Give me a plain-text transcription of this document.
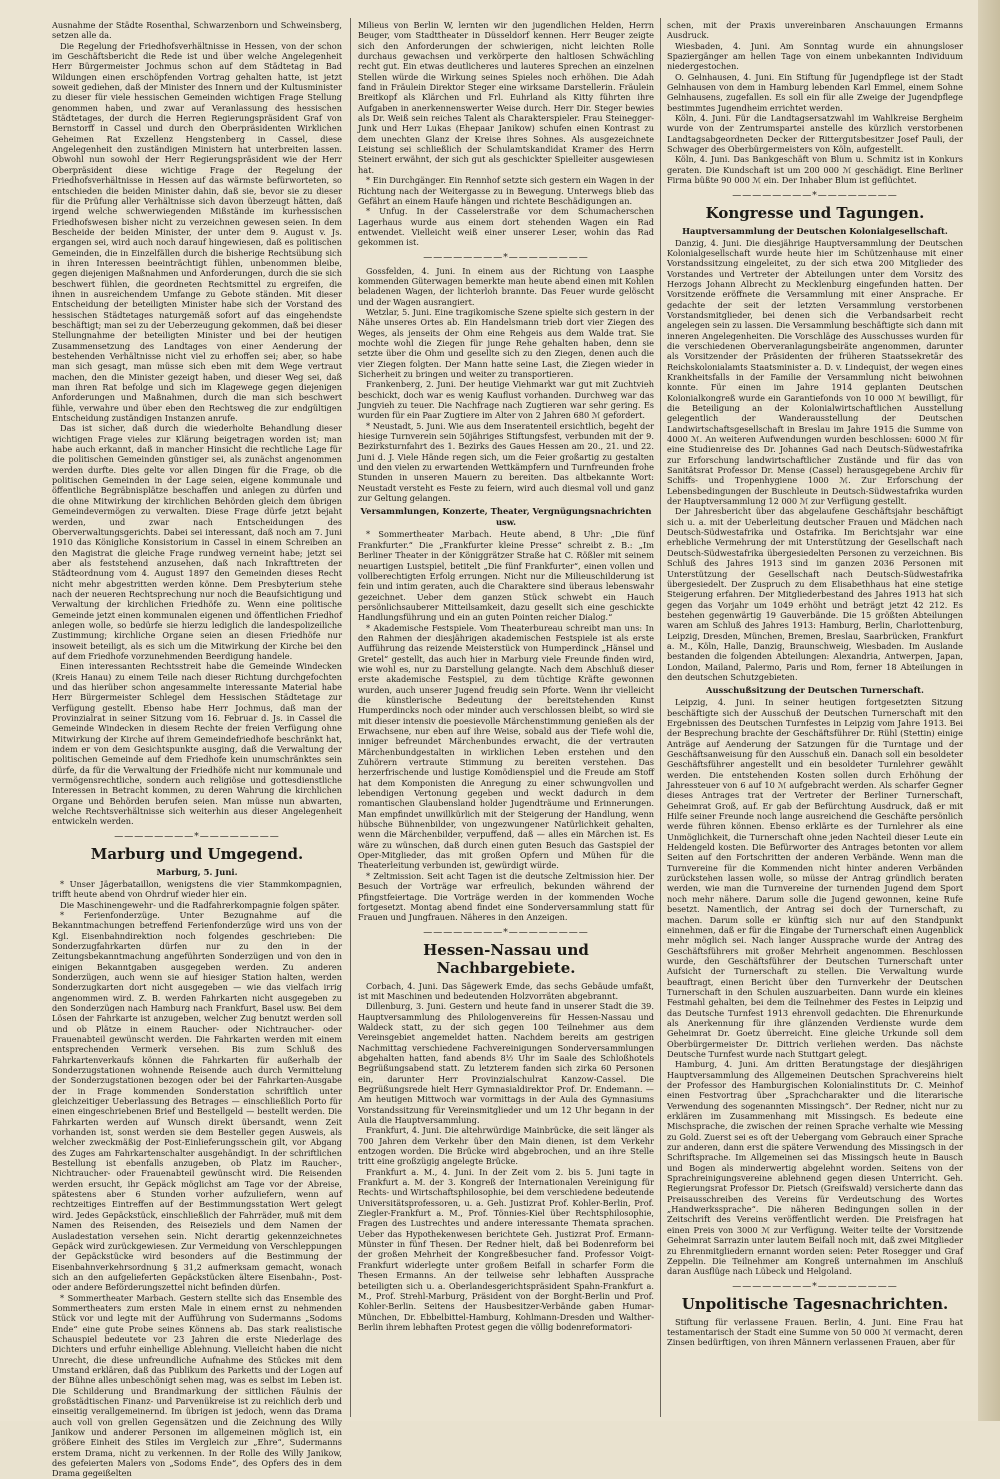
Ausnahme der Städte Rosenthal, Schwarzenborn und Schweinsberg, setzen alle da.

Die Regelung der Friedhofsverhältnisse in Hessen, von der schon im Geschäftsbericht die Rede ist und über welche Angelegenheit Herr Bürgermeister Jochmus schon auf dem Städtetag in Bad Wildungen einen erschöpfenden Vortrag gehalten hatte, ist jetzt soweit gediehen, daß der Minister des Innern und der Kultusminister zu dieser für viele hessischen Gemeinden wichtigen Frage Stellung genommen haben, und zwar auf Veranlassung des hessischen Städtetages, der durch die Herren Regierungspräsident Graf von Bernstorff in Cassel und durch den Oberpräsidenten Wirklichen Geheimen Rat Exzellenz Hengstenberg in Cassel, diese Angelegenheit den zuständigen Ministern hat unterbreiten lassen. Obwohl nun sowohl der Herr Regierungspräsident wie der Herr Oberpräsident diese wichtige Frage der Regelung der Friedhofsverhältnisse in Hessen auf das wärmste befürworteten, so entschieden die beiden Minister dahin, daß sie, bevor sie zu dieser für die Prüfung aller Verhältnisse sich davon überzeugt hätten, daß irgend welche schwerwiegenden Mißstände im kurhessischen Friedhofswesen bisher nicht zu verzeichnen gewesen seien. In dem Bescheide der beiden Minister, der unter dem 9. August v. Js. ergangen sei, wird auch noch darauf hingewiesen, daß es politischen Gemeinden, die in Einzelfällen durch die bisherige Rechtsübung sich in ihren Interessen beeinträchtigt fühlen, unbenommen bleibe, gegen diejenigen Maßnahmen und Anforderungen, durch die sie sich beschwert fühlen, die geordneten Rechtsmittel zu ergreifen, die ihnen in ausreichendem Umfange zu Gebote ständen. Mit dieser Entscheidung der beteiligten Minister habe sich der Vorstand des hessischen Städtetages naturgemäß sofort auf das eingehendste beschäftigt; man sei zu der Ueberzeugung gekommen, daß bei dieser Stellungnahme der beteiligten Minister und bei der heutigen Zusammensetzung des Landtages von einer Aenderung der bestehenden Verhältnisse nicht viel zu erhoffen sei; aber, so habe man sich gesagt, man müsse sich eben mit dem Wege vertraut machen, den die Minister gezeigt haben, und dieser Weg sei, daß man ihren Rat befolge und sich im Klagewege gegen diejenigen Anforderungen und Maßnahmen, durch die man sich beschwert fühle, verwahre und über eben den Rechtsweg die zur endgültigen Entscheidung zuständigen Instanzen anrufe.

Das ist sicher, daß durch die wiederholte Behandlung dieser wichtigen Frage vieles zur Klärung beigetragen worden ist; man habe auch erkannt, daß in mancher Hinsicht die rechtliche Lage für die politischen Gemeinden günstiger sei, als zunächst angenommen werden durfte. Dies gelte vor allen Dingen für die Frage, ob die politischen Gemeinden in der Lage seien, eigene kommunale und öffentliche Begräbnisplätze beschaffen und anlegen zu dürfen und die ohne Mitwirkung der kirchlichen Behörden gleich dem übrigen Gemeindevermögen zu verwalten. Diese Frage dürfe jetzt bejaht werden, und zwar nach Entscheidungen des Oberverwaltungsgerichts. Dabei sei interessant, daß noch am 7. Juni 1910 das Königliche Konsistorium in Cassel in einem Schreiben an den Magistrat die gleiche Frage rundweg verneint habe; jetzt sei aber als feststehend anzusehen, daß nach Inkrafttreten der Städteordnung vom 4. August 1897 den Gemeinden dieses Recht nicht mehr abgestritten werden könne. Dem Presbyterium stehe nach der neueren Rechtsprechung nur noch die Beaufsichtigung und Verwaltung der kirchlichen Friedhöfe zu. Wenn eine politische Gemeinde jetzt einen kommunalen eigenen und öffentlichen Friedhof anlegen wolle, so bedürfe sie hierzu lediglich die landespolizeiliche Zustimmung; kirchliche Organe seien an diesen Friedhöfe nur insoweit beteiligt, als es sich um die Mitwirkung der Kirche bei den auf dem Friedhofe vorzunehmenden Beerdigung handele.

Einen interessanten Rechtsstreit habe die Gemeinde Windecken (Kreis Hanau) zu einem Teile nach dieser Richtung durchgefochten und das hierüber schon angesammelte interessante Material habe Herr Bürgermeister Schlegel dem Hessischen Städtetage zur Verfügung gestellt. Ebenso habe Herr Jochmus, daß man der Provinzialrat in seiner Sitzung vom 16. Februar d. Js. in Cassel die Gemeinde Windecken in diesem Rechte der freien Verfügung ohne Mitwirkung der Kirche auf ihrem Gemeindefriedhofe beschränkt hat, indem er von dem Gesichtspunkte ausging, daß die Verwaltung der politischen Gemeinde auf dem Friedhofe kein unumschränktes sein dürfe, da für die Verwaltung der Friedhöfe nicht nur kommunale und vermögensrechtliche, sondern auch religiöse und gottesdienstliche Interessen in Betracht kommen, zu deren Wahrung die kirchlichen Organe und Behörden berufen seien. Man müsse nun abwarten, welche Rechtsverhältnisse sich weiterhin aus dieser Angelegenheit entwickeln werden.

————————*————————
Marburg und Umgegend.
Marburg, 5. Juni.

* Unser Jägerbataillon, wenigstens die vier Stammkompagnien, trifft heute abend von Ohrdruf wieder hier ein.

Die Maschinengewehr- und die Radfahrerkompagnie folgen später.

* Ferienfonderzüge. Unter Bezugnahme auf die Bekanntmachungen betreffend Ferienfonderzüge wird uns von der Kgl. Eisenbahndirektion noch folgendes geschrieben: Die Sonderzugfahrkarten dürfen nur zu den in der Zeitungsbekanntmachung angeführten Sonderzügen und von den in einigen Bekanntgaben ausgegeben werden. Zu anderen Sonderzügen, auch wenn sie auf hiesiger Station halten, werden Sonderzugkarten dort nicht ausgegeben — wie das vielfach irrig angenommen wird. Z. B. werden Fahrkarten nicht ausgegeben zu den Sonderzügen nach Hamburg nach Frankfurt, Basel usw. Bei dem Lösen der Fahrkarte ist anzugeben, welcher Zug benutzt werden soll und ob Plätze in einem Raucher- oder Nichtraucher- oder Frauenabteil gewünscht werden. Die Fahrkarten werden mit einem entsprechenden Vermerk versehen. Bis zum Schluß des Fahrkartenverkaufs können die Fahrkarten für außerhalb der Sonderzugstationen wohnende Reisende auch durch Vermittelung der Sonderzugstationen bezogen oder bei der Fahrkarten-Ausgabe der in Frage kommenden Sonderstation schriftlich unter gleichzeitiger Ueberlassung des Betrages — einschließlich Porto für einen eingeschriebenen Brief und Bestellgeld — bestellt werden. Die Fahrkarten werden auf Wunsch direkt übersandt, wenn Zeit vorhanden ist, sonst werden sie dem Besteller gegen Ausweis, als welcher zweckmäßig der Post-Einlieferungsschein gilt, vor Abgang des Zuges am Fahrkartenschalter ausgehändigt. In der schriftlichen Bestellung ist ebenfalls anzugeben, ob Platz im Raucher-, Nichtraucher- oder Frauenabteil gewünscht wird. Die Reisenden werden ersucht, ihr Gepäck möglichst am Tage vor der Abreise, spätestens aber 6 Stunden vorher aufzuliefern, wenn auf rechtzeitiges Eintreffen auf der Bestimmungsstation Wert gelegt wird. Jedes Gepäckstück, einschließlich der Fahrräder, muß mit dem Namen des Reisenden, des Reiseziels und dem Namen der Ausladestation versehen sein. Nicht derartig gekennzeichnetes Gepäck wird zurückgewiesen. Zur Vermeidung von Verschleppungen der Gepäckstücke wird besonders auf die Bestimmung der Eisenbahnverkehrsordnung § 31,2 aufmerksam gemacht, wonach sich an den aufgelieferten Gepäckstücken ältere Eisenbahn-, Post- oder andere Beförderungszettel nicht befinden dürfen.

* Sommertheater Marbach. Gestern stellte sich das Ensemble des Sommertheaters zum ersten Male in einem ernst zu nehmenden Stück vor und legte mit der Aufführung von Sudermanns „Sodoms Ende“ eine gute Probe seines Könnens ab. Das stark realistische Schauspiel bedeutete vor 23 Jahren die erste Niederlage des Dichters und erfuhr einhellige Ablehnung. Vielleicht haben die nicht Unrecht, die diese unfreundliche Aufnahme des Stückes mit dem Umstand erklären, daß das Publikum des Parketts und der Logen auf der Bühne alles unbeschönigt sehen mag, was es selbst im Leben ist. Die Schilderung und Brandmarkung der sittlichen Fäulnis der großstädtischen Finanz- und Parvenükreise ist zu reichlich derb und einseitig verallgemeinernd. Im übrigen ist jedoch, wenn das Drama auch voll von grellen Gegensätzen und die Zeichnung des Willy Janikow und anderer Personen im allgemeinen möglich ist, ein größere Einheit des Stiles im Vergleich zur „Ehre“, Sudermanns erstem Drama, nicht zu verkennen. In der Rolle des Willy Janikow, des gefeierten Malers von „Sodoms Ende“, des Opfers des in dem Drama gegeißelten

Milieus von Berlin W, lernten wir den jugendlichen Helden, Herrn Beuger, vom Stadttheater in Düsseldorf kennen. Herr Beuger zeigte sich den Anforderungen der schwierigen, nicht leichten Rolle durchaus gewachsen und verkörperte den haltlosen Schwächling recht gut. Ein etwas deutlicheres und lauteres Sprechen an einzelnen Stellen würde die Wirkung seines Spieles noch erhöhen. Die Adah fand in Fräulein Direktor Steger eine wirksame Darstellerin. Fräulein Breitkopf als Klärchen und Frl. Euhrland als Kitty führten ihre Aufgaben in anerkennenswerter Weise durch. Herr Dir. Steger bewies als Dr. Weiß sein reiches Talent als Charakterspieler. Frau Steinegger-Junk und Herr Lukas (Ehepaar Janikow) schufen einen Kontrast zu dem unechten Glanz der Kreise ihres Sohnes. Als ausgezeichnete Leistung sei schließlich der Schulamtskandidat Kramer des Herrn Steinert erwähnt, der sich gut als geschickter Spielleiter ausgewiesen hat.

* Ein Durchgänger. Ein Rennhof setzte sich gestern ein Wagen in der Richtung nach der Weitergasse zu in Bewegung. Unterwegs blieb das Gefährt an einem Haufe hängen und richtete Beschädigungen an.

* Unfug. In der Casselerstraße vor dem Schumacherschen Lagerhaus wurde aus einem dort stehenden Wagen ein Rad entwendet. Vielleicht weiß einer unserer Leser, wohin das Rad gekommen ist.

————————*————————

Gossfelden, 4. Juni. In einem aus der Richtung von Laasphe kommenden Güterwagen bemerkte man heute abend einen mit Kohlen beladenen Wagen, der lichterloh brannte. Das Feuer wurde gelöscht und der Wagen ausrangiert.

Wetzlar, 5. Juni. Eine tragikomische Szene spielte sich gestern in der Nähe unseres Ortes ab. Ein Handelsmann trieb dort vier Ziegen des Weges, als jenseits der Ohm eine Rehgeis aus dem Walde trat. Sie mochte wohl die Ziegen für junge Rehe gehalten haben, denn sie setzte über die Ohm und gesellte sich zu den Ziegen, denen auch die vier Ziegen folgten. Der Mann hatte seine Last, die Ziegen wieder in Sicherheit zu bringen und weiter zu transportieren.

Frankenberg, 2. Juni. Der heutige Viehmarkt war gut mit Zuchtvieh beschickt, doch war es wenig Kauflust vorhanden. Durchweg war das Jungvieh zu teuer. Die Nachfrage nach Zugtieren war sehr gering. Es wurden für ein Paar Zugtiere im Alter von 2 Jahren 680 ℳ gefordert.

* Neustadt, 5. Juni. Wie aus dem Inseratenteil ersichtlich, begeht der hiesige Turnverein sein 50jähriges Stiftungsfest, verbunden mit der 9. Bezirksturnfahrt des 1. Bezirks des Gaues Hessen am 20., 21. und 22. Juni d. J. Viele Hände regen sich, um die Feier großartig zu gestalten und den vielen zu erwartenden Wettkämpfern und Turnfreunden frohe Stunden in unseren Mauern zu bereiten. Das altbekannte Wort: Neustadt versteht es Feste zu feiern, wird auch diesmal voll und ganz zur Geltung gelangen.

Versammlungen, Konzerte, Theater, Vergnügungsnachrichten usw.

* Sommertheater Marbach. Heute abend, 8 Uhr: „Die fünf Frankfurter.“ Die „Frankfurter kleine Presse“ schreibt z. B.: „Im Berliner Theater in der Königgrätzer Straße hat C. Rößler mit seinem neuartigen Lustspiel, betitelt „Die fünf Frankfurter“, einen vollen und vollberechtigten Erfolg errungen. Nicht nur die Milieuschilderung ist fein und intim geraten, auch die Charaktere sind überaus lebenswahr gezeichnet. Ueber dem ganzen Stück schwebt ein Hauch persönlichsauberer Mitteilsamkeit, dazu gesellt sich eine geschickte Handlungsführung und ein an guten Pointen reicher Dialog.“

* Akademische Festspiele. Vom Theaterbureau schreibt man uns: In den Rahmen der diesjährigen akademischen Festspiele ist als erste Aufführung das reizende Meisterstück von Humperdinck „Hänsel und Gretel“ gestellt, das auch hier in Marburg viele Freunde finden wird, wie wohl es, nur zu Darstellung gelangte. Nach dem Abschluß dieser erste akademische Festspiel, zu dem tüchtige Kräfte gewonnen wurden, auch unserer Jugend freudig sein Pforte. Wenn ihr vielleicht die künstlerische Bedeutung der bereitstehenden Kunst Humperdincks noch oder minder auch verschlossen bleibt, so wird sie mit dieser intensiv die poesievolle Märchenstimmung genießen als der Erwachsene, nur eben auf ihre Weise, sobald aus der Tiefe wohl die, inniger befreundet Märchenbundes erwacht, die der vertrauten Märchenbundgestalten in wirklichen Leben erstehen und den Zuhörern vertraute Stimmung zu bereiten verstehen. Das herzerfrischende und lustige Komödienspiel und die Freude am Stoff hat dem Komponisten die Anregung zu einer schwungvollen und lebendigen Vertonung gegeben und weckt dadurch in dem romantischen Glaubensland holder Jugendträume und Erinnerungen. Man empfindet unwillkürlich mit der Steigerung der Handlung, wenn hübsche Bühnenbilder, von ungezwungener Natürlichkeit gehalten, wenn die Märchenbilder, verpuffend, daß — alles ein Märchen ist. Es wäre zu wünschen, daß durch einen guten Besuch das Gastspiel der Oper-Mitglieder, das mit großen Opfern und Mühen für die Theaterleitung verbunden ist, gewürdigt würde.

* Zeltmission. Seit acht Tagen ist die deutsche Zeltmission hier. Der Besuch der Vorträge war erfreulich, bekunden während der Pfingstfeiertage. Die Vorträge werden in der kommenden Woche fortgesetzt. Montag abend findet eine Sonderversammlung statt für Frauen und Jungfrauen. Näheres in den Anzeigen.

————————*————————
Hessen-Nassau und Nachbargebiete.

Corbach, 4. Juni. Das Sägewerk Emde, das sechs Gebäude umfaßt, ist mit Maschinen und bedeutenden Holzvorräten abgebrannt.

Dillenburg, 3. Juni. Gestern und heute fand in unserer Stadt die 39. Hauptversammlung des Philologenvereins für Hessen-Nassau und Waldeck statt, zu der sich gegen 100 Teilnehmer aus dem Vereinsgebiet angemeldet hatten. Nachdem bereits am gestrigen Nachmittag verschiedene Fachvereinigungen Sonderversammlungen abgehalten hatten, fand abends 8½ Uhr im Saale des Schloßhotels Begrüßungsabend statt. Zu letzterem fanden sich zirka 60 Personen ein, darunter Herr Provinzialschulrat Kanzow-Cassel. Die Begrüßungsrede hielt Herr Gymnasialdirektor Prof. Dr. Endemann. — Am heutigen Mittwoch war vormittags in der Aula des Gymnasiums Vorstandssitzung für Vereinsmitglieder und um 12 Uhr begann in der Aula die Hauptversammlung.

Frankfurt, 4. Juni. Die altehrwürdige Mainbrücke, die seit länger als 700 Jahren dem Verkehr über den Main dienen, ist dem Verkehr entzogen worden. Die Brücke wird abgebrochen, und an ihre Stelle tritt eine großzügig angelegte Brücke.

Frankfurt a. M., 4. Juni. In der Zeit vom 2. bis 5. Juni tagte in Frankfurt a. M. der 3. Kongreß der Internationalen Vereinigung für Rechts- und Wirtschaftsphilosophie, bei dem verschiedene bedeutende Universitätsprofessoren, u. a. Geh. Justizrat Prof. Kohler-Berlin, Prof. Ziegler-Frankfurt a. M., Prof. Tönnies-Kiel über Rechtsphilosophie, Fragen des Lustrechtes und andere interessante Themata sprachen. Ueber das Hypothekenwesen berichtete Geh. Justizrat Prof. Ermann-Münster in fünf Thesen. Der Redner hielt, daß bei Bodenreform bei der großen Mehrheit der Kongreßbesucher fand. Professor Voigt-Frankfurt widerlegte unter großem Beifall in scharfer Form die Thesen Ermanns. An der teilweise sehr lebhaften Aussprache beteiligten sich u. a. Oberlandesgerichtspräsident Spahn-Frankfurt a. M., Prof. Strehl-Marburg, Präsident von der Borght-Berlin und Prof. Kohler-Berlin. Seitens der Hausbesitzer-Verbände gaben Humar-München, Dr. Ebbelbittel-Hamburg, Kohlmann-Dresden und Walther-Berlin ihrem lebhaften Protest gegen die völlig bodenreformatori-

schen, mit der Praxis unvereinbaren Anschauungen Ermanns Ausdruck.

Wiesbaden, 4. Juni. Am Sonntag wurde ein ahnungsloser Spaziergänger am hellen Tage von einem unbekannten Individuum niedergestochen.

O. Gelnhausen, 4. Juni. Ein Stiftung für Jugendpflege ist der Stadt Gelnhausen von dem in Hamburg lebenden Karl Emmel, einem Sohne Gelnhausens, zugefallen. Es soll ein für alle Zweige der Jugendpflege bestimmtes Jugendheim errichtet werden.

Köln, 4. Juni. Für die Landtagsersatzwahl im Wahlkreise Bergheim wurde von der Zentrumspartei anstelle des kürzlich verstorbenen Landtagsabgeordneten Decker der Rittergutsbesitzer Josef Pauli, der Schwager des Oberbürgermeisters von Köln, aufgestellt.

Köln, 4. Juni. Das Bankgeschäft von Blum u. Schmitz ist in Konkurs geraten. Die Kundschaft ist um 200 000 ℳ geschädigt. Eine Berliner Firma büßte 90 000 ℳ ein. Der Inhaber Blum ist geflüchtet.

————————*————————
Kongresse und Tagungen.
Hauptversammlung der Deutschen Kolonialgesellschaft.

Danzig, 4. Juni. Die diesjährige Hauptversammlung der Deutschen Kolonialgesellschaft wurde heute hier im Schützenhause mit einer Vorstandssitzung eingeleitet, zu der sich etwa 200 Mitglieder des Vorstandes und Vertreter der Abteilungen unter dem Vorsitz des Herzogs Johann Albrecht zu Mecklenburg eingefunden hatten. Der Vorsitzende eröffnete die Versammlung mit einer Ansprache. Er gedachte der seit der letzten Versammlung verstorbenen Vorstandsmitglieder, bei denen sich die Verbandsarbeit recht angelegen sein zu lassen. Die Versammlung beschäftigte sich dann mit inneren Angelegenheiten. Die Vorschläge des Ausschusses wurden für die verschiedenen Oberveranlagungsbeiräte angenommen, darunter als Vorsitzender der Präsidenten der früheren Staatssekretär des Reichskolonialamts Staatsminister a. D. v. Lindequist, der wegen eines Krankheitsfalls in der Familie der Versammlung nicht beiwohnen konnte. Für einen im Jahre 1914 geplanten Deutschen Kolonialkongreß wurde ein Garantiefonds von 10 000 ℳ bewilligt, für die Beteiligung an der Kolonialwirtschaftlichen Ausstellung gelegentlich der Wanderausstellung der Deutschen Landwirtschaftsgesellschaft in Breslau im Jahre 1915 die Summe von 4000 ℳ. An weiteren Aufwendungen wurden beschlossen: 6000 ℳ für eine Studienreise des Dr. Johannes Gad nach Deutsch-Südwestafrika zur Erforschung landwirtschaftlicher Zustände und für das von Sanitätsrat Professor Dr. Mense (Cassel) herausgegebene Archiv für Schiffs- und Tropenhygiene 1000 ℳ. Zur Erforschung der Lebensbedingungen der Buschleute in Deutsch-Südwestafrika wurden der Hauptversammlung 12 000 ℳ zur Verfügung gestellt.

Der Jahresbericht über das abgelaufene Geschäftsjahr beschäftigt sich u. a. mit der Ueberleitung deutscher Frauen und Mädchen nach Deutsch-Südwestafrika und Ostafrika. Im Berichtsjahr war eine erhebliche Vermehrung der mit Unterstützung der Gesellschaft nach Deutsch-Südwestafrika übergesiedelten Personen zu verzeichnen. Bis Schluß des Jahres 1913 sind im ganzen 2036 Personen mit Unterstützung der Gesellschaft nach Deutsch-Südwestafrika übergesiedelt. Der Zuspruch zu dem Elisabethhaus hat eine stetige Steigerung erfahren. Der Mitgliederbestand des Jahres 1913 hat sich gegen das Vorjahr um 1049 erhöht und beträgt jetzt 42 212. Es bestehen gegenwärtig 19 Gauverbände. Die 15 größten Abteilungen waren am Schluß des Jahres 1913: Hamburg, Berlin, Charlottenburg, Leipzig, Dresden, München, Bremen, Breslau, Saarbrücken, Frankfurt a. M., Köln, Halle, Danzig, Braunschweig, Wiesbaden. Im Auslande bestanden die folgenden Abteilungen: Alexandria, Antwerpen, Japan, London, Mailand, Palermo, Paris und Rom, ferner 18 Abteilungen in den deutschen Schutzgebieten.

Ausschußsitzung der Deutschen Turnerschaft.

Leipzig, 4. Juni. In seiner heutigen fortgesetzten Sitzung beschäftigte sich der Ausschuß der Deutschen Turnerschaft mit den Ergebnissen des Deutschen Turnfestes in Leipzig vom Jahre 1913. Bei der Besprechung brachte der Geschäftsführer Dr. Rühl (Stettin) einige Anträge auf Aenderung der Satzungen für die Turntage und der Geschäftsanweisung für den Ausschuß ein. Danach soll ein besoldeter Geschäftsführer angestellt und ein besoldeter Turnlehrer gewählt werden. Die entstehenden Kosten sollen durch Erhöhung der Jahressteuer von 6 auf 10 ℳ aufgebracht werden. Als scharfer Gegner dieses Antrages trat der Vertreter der Berliner Turnerschaft, Geheimrat Groß, auf. Er gab der Befürchtung Ausdruck, daß er mit Hilfe seiner Freunde noch lange ausreichend die Geschäfte persönlich werde führen können. Ebenso erklärte es der Turnlehrer als eine Unmöglichkeit, die Turnerschaft ohne jeden Nachteil dieser Leute ein Heldengeld kosten. Die Befürworter des Antrages betonten vor allem Seiten auf den Fortschritten der anderen Verbände. Wenn man die Turnvereine für die Kommenden nicht hinter anderen Verbänden zurückstehen lassen wolle, so müsse der Antrag gründlich beraten werden, wie man die Turnvereine der turnenden Jugend dem Sport noch mehr nähere. Darum solle die Jugend gewonnen, keine Rufe besetzt. Namentlich, der Antrag sei doch der Turnerschaft, zu machen. Darum solle er künftig sich nur auf den Standpunkt einnehmen, daß er für die Eingabe der Turnerschaft einen Augenblick mehr möglich sei. Nach langer Aussprache wurde der Antrag des Geschäftsführers mit großer Mehrheit angenommen. Beschlossen wurde, den Geschäftsführer der Deutschen Turnerschaft unter Aufsicht der Turnerschaft zu stellen. Die Verwaltung wurde beauftragt, einen Bericht über den Turnverkehr der Deutschen Turnerschaft in den Schulen auszuarbeiten. Dann wurde ein kleines Festmahl gehalten, bei dem die Teilnehmer des Festes in Leipzig und das Deutsche Turnfest 1913 ehrenvoll gedachten. Die Ehrenurkunde als Anerkennung für ihre glänzenden Verdienste wurde dem Geheimrat Dr. Goetz überreicht. Eine gleiche Urkunde soll dem Oberbürgermeister Dr. Dittrich verliehen werden. Das nächste Deutsche Turnfest wurde nach Stuttgart gelegt.

Hamburg, 4. Juni. Am dritten Beratungstage der diesjährigen Hauptversammlung des Allgemeinen Deutschen Sprachvereins hielt der Professor des Hamburgischen Kolonialinstituts Dr. C. Meinhof einen Festvortrag über „Sprachcharakter und die literarische Verwendung des sogenannten Missingsch“. Der Redner, nicht nur zu erklären im Zusammenhang mit Missingsch. Es bedeute eine Mischsprache, die zwischen der reinen Sprache verhalte wie Messing zu Gold. Zuerst sei es oft der Uebergang vom Gebrauch einer Sprache zur anderen, dann erst die spätere Verwendung des Missingsch in der Schriftsprache. Im Allgemeinen sei das Missingsch heute in Bausch und Bogen als minderwertig abgelehnt worden. Seitens von der Sprachreinigungsvereine ablehnend gegen diesen Unterricht. Geh. Regierungsrat Professor Dr. Pietsch (Greifswald) versicherte dann das Preisausschreiben des Vereins für Verdeutschung des Wortes „Handwerkssprache“. Die näheren Bedingungen sollen in der Zeitschrift des Vereins veröffentlicht werden. Die Preisfragen hat einen Preis von 3000 ℳ zur Verfügung. Weiter teilte der Vorsitzende Geheimrat Sarrazin unter lautem Beifall noch mit, daß zwei Mitglieder zu Ehrenmitgliedern ernannt worden seien: Peter Rosegger und Graf Zeppelin. Die Teilnehmer am Kongreß unternahmen im Anschluß daran Ausflüge nach Lübeck und Helgoland.

————————*————————
Unpolitische Tagesnachrichten.

Stiftung für verlassene Frauen. Berlin, 4. Juni. Eine Frau hat testamentarisch der Stadt eine Summe von 50 000 ℳ vermacht, deren Zinsen bedürftigen, von ihren Männern verlassenen Frauen, aber für
